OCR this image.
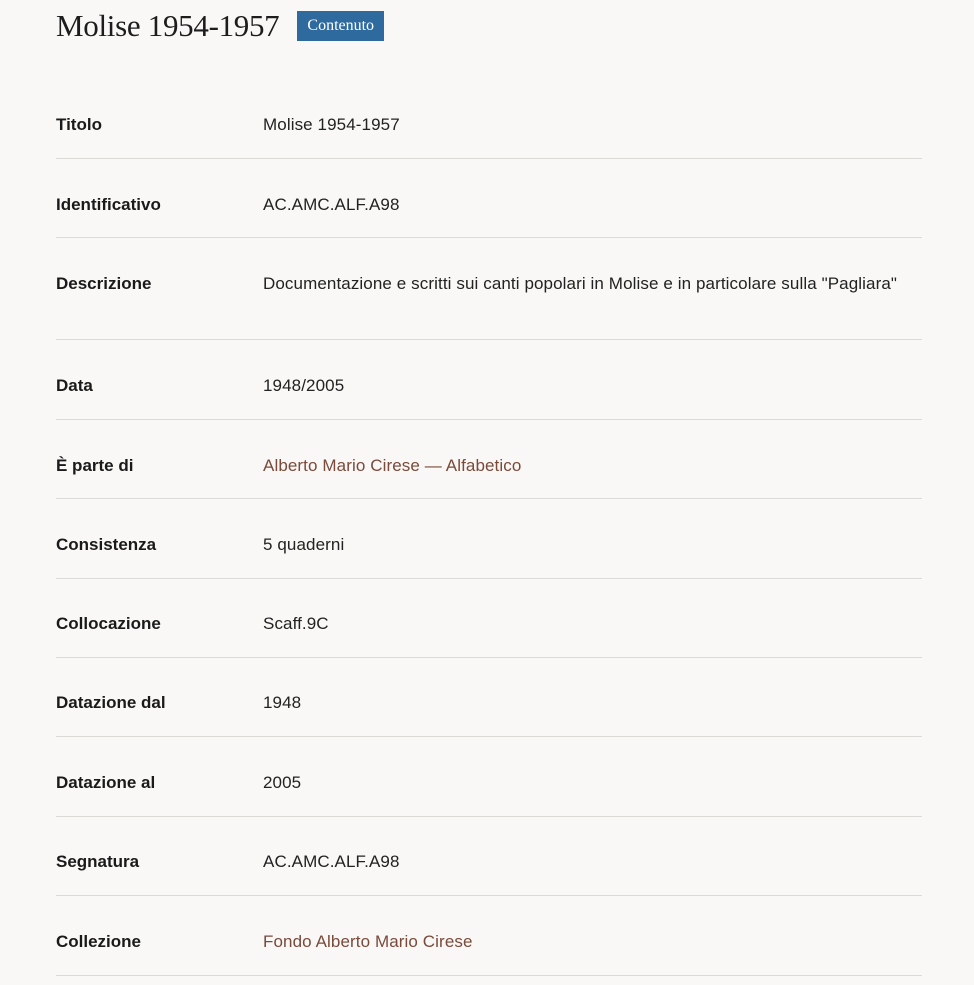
Molise 1954-1957	Contenuto
Titolo	Molise 1954-1957
Identificativo	AC.AMC.ALF.A98
Descrizione	Documentazione e scritti sui canti popolari in Molise e in particolare sulla "Pagliara"
Data	1948/2005
È parte di	Alberto Mario Cirese — Alfabetico
Consistenza	5 quaderni
Collocazione	Scaff.9C
Datazione dal	1948
Datazione al	2005
Segnatura	AC.AMC.ALF.A98
Collezione	Fondo Alberto Mario Cirese
